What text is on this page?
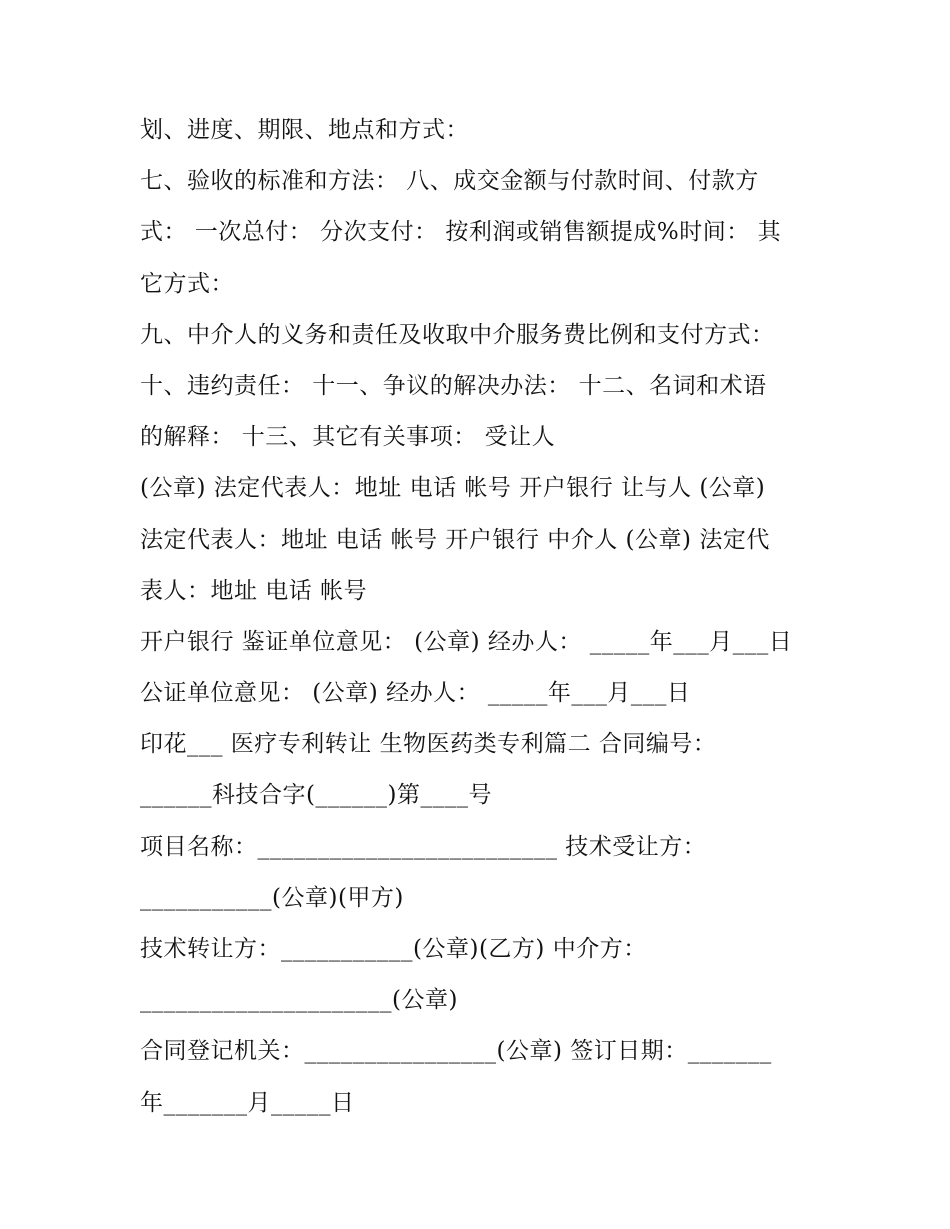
划、进度、期限、地点和方式：
七、验收的标准和方法： 八、成交金额与付款时间、付款方
式： 一次总付： 分次支付： 按利润或销售额提成%时间： 其
它方式：
九、中介人的义务和责任及收取中介服务费比例和支付方式：
十、违约责任： 十一、争议的解决办法： 十二、名词和术语
的解释： 十三、其它有关事项： 受让人
(公章) 法定代表人：地址 电话 帐号 开户银行 让与人 (公章)
法定代表人：地址 电话 帐号 开户银行 中介人 (公章) 法定代
表人：地址 电话 帐号
开户银行 鉴证单位意见： (公章) 经办人： _____年___月___日
公证单位意见： (公章) 经办人： _____年___月___日
印花___ 医疗专利转让 生物医药类专利篇二 合同编号：
______科技合字(______)第____号
项目名称：_________________________ 技术受让方：
___________(公章)(甲方)
技术转让方：___________(公章)(乙方) 中介方：
_____________________(公章)
合同登记机关：________________(公章) 签订日期：_______
年_______月_____日
